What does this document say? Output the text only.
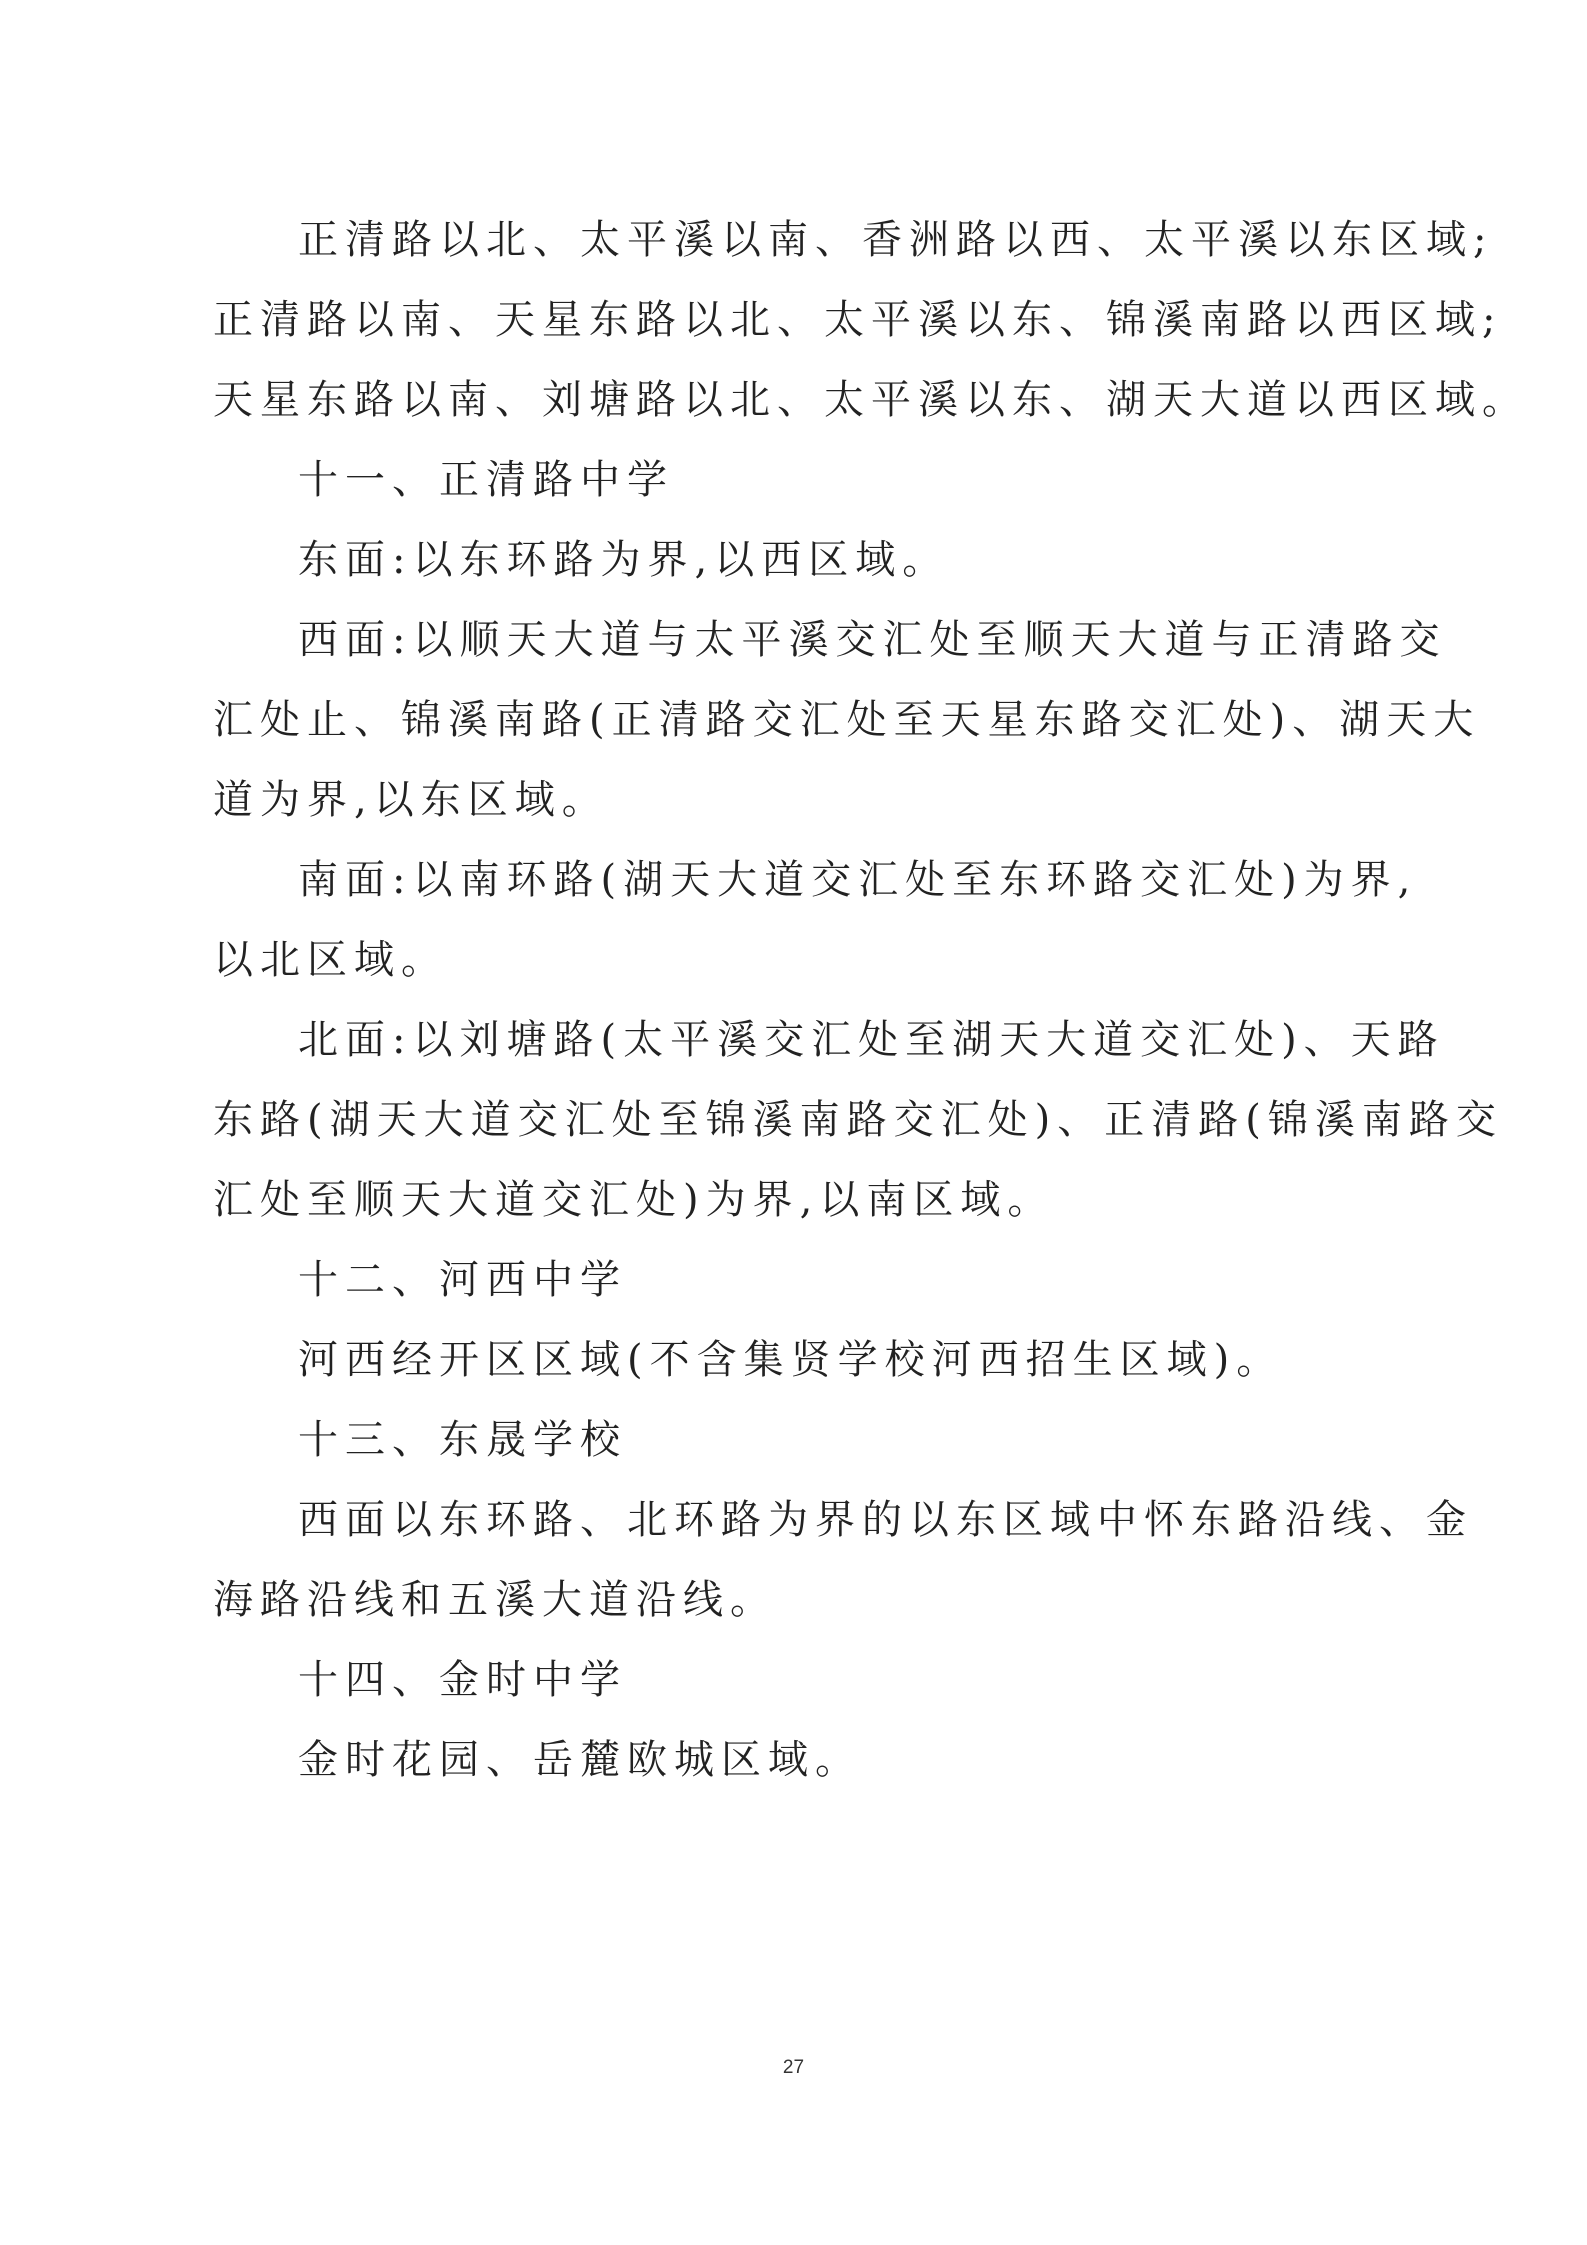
正清路以北、太平溪以南、香洲路以西、太平溪以东区域;
正清路以南、天星东路以北、太平溪以东、锦溪南路以西区域;
天星东路以南、刘塘路以北、太平溪以东、湖天大道以西区域。
十一、正清路中学
东面:以东环路为界,以西区域。
西面:以顺天大道与太平溪交汇处至顺天大道与正清路交
汇处止、锦溪南路(正清路交汇处至天星东路交汇处)、湖天大
道为界,以东区域。
南面:以南环路(湖天大道交汇处至东环路交汇处)为界,
以北区域。
北面:以刘塘路(太平溪交汇处至湖天大道交汇处)、天路
东路(湖天大道交汇处至锦溪南路交汇处)、正清路(锦溪南路交
汇处至顺天大道交汇处)为界,以南区域。
十二、河西中学
河西经开区区域(不含集贤学校河西招生区域)。
十三、东晟学校
西面以东环路、北环路为界的以东区域中怀东路沿线、金
海路沿线和五溪大道沿线。
十四、金时中学
金时花园、岳麓欧城区域。
27
